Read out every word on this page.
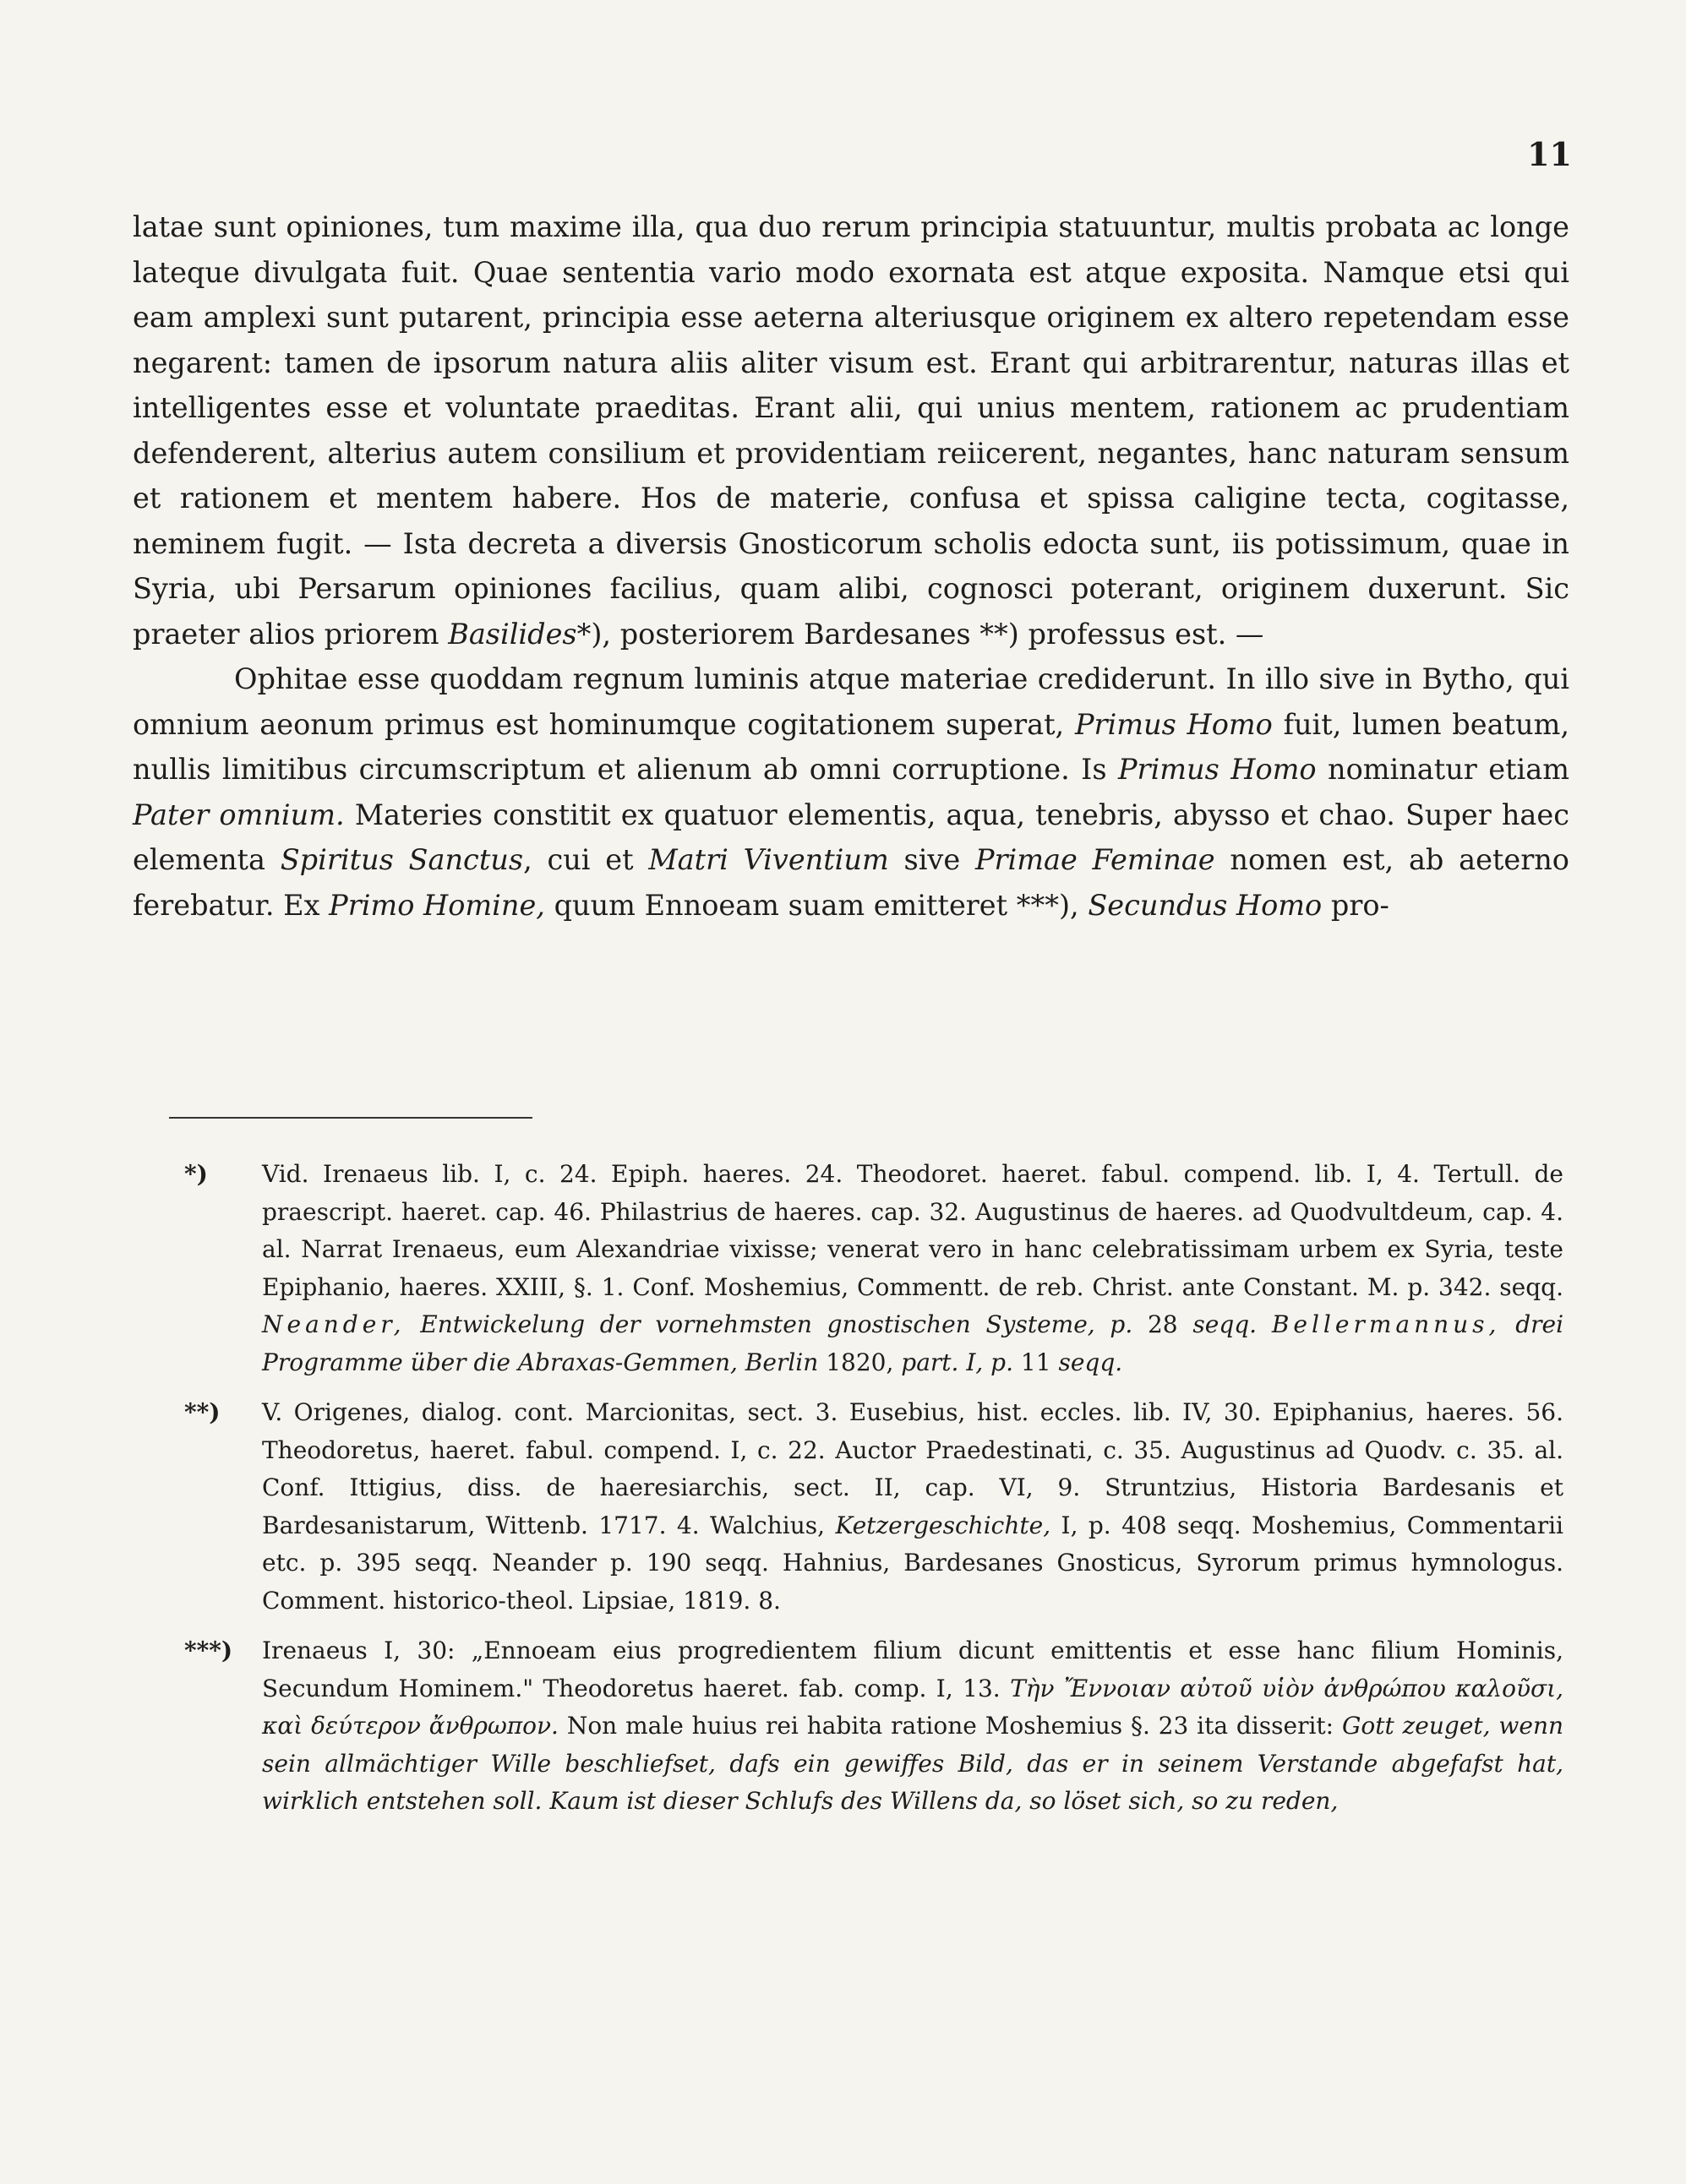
11

latae sunt opiniones, tum maxime illa, qua duo rerum principia statuuntur, multis probata ac longe lateque divulgata fuit. Quae sententia vario modo exornata est atque exposita. Namque etsi qui eam amplexi sunt putarent, principia esse aeterna alteriusque originem ex altero repetendam esse negarent: tamen de ipsorum natura aliis aliter visum est. Erant qui arbitrarentur, naturas illas et intelligentes esse et voluntate praeditas. Erant alii, qui unius mentem, rationem ac prudentiam defenderent, alterius autem consilium et providentiam reiicerent, negantes, hanc naturam sensum et rationem et mentem habere. Hos de materie, confusa et spissa caligine tecta, cogitasse, neminem fugit. — Ista decreta a diversis Gnosticorum scholis edocta sunt, iis potissimum, quae in Syria, ubi Persarum opiniones facilius, quam alibi, cognosci poterant, originem duxerunt. Sic praeter alios priorem Basilides*), posteriorem Bardesanes **) professus est. —

Ophitae esse quoddam regnum luminis atque materiae crediderunt. In illo sive in Bytho, qui omnium aeonum primus est hominumque cogitationem superat, Primus Homo fuit, lumen beatum, nullis limitibus circumscriptum et alienum ab omni corruptione. Is Primus Homo nominatur etiam Pater omnium. Materies constitit ex quatuor elementis, aqua, tenebris, abysso et chao. Super haec elementa Spiritus Sanctus, cui et Matri Viventium sive Primae Feminae nomen est, ab aeterno ferebatur. Ex Primo Homine, quum Ennoeam suam emitteret ***), Secundus Homo pro-

*) Vid. Irenaeus lib. I, c. 24. Epiph. haeres. 24. Theodoret. haeret. fabul. compend. lib. I, 4. Tertull. de praescript. haeret. cap. 46. Philastrius de haeres. cap. 32. Augustinus de haeres. ad Quodvultdeum, cap. 4. al. Narrat Irenaeus, eum Alexandriae vixisse; venerat vero in hanc celebratissimam urbem ex Syria, teste Epiphanio, haeres. XXIII, §. 1. Conf. Moshemius, Commentt. de reb. Christ. ante Constant. M. p. 342. seqq. Neander, Entwickelung der vornehmsten gnostischen Systeme, p. 28 seqq. Bellermannus, drei Programme über die Abraxas-Gemmen, Berlin 1820, part. I, p. 11 seqq.
**) V. Origenes, dialog. cont. Marcionitas, sect. 3. Eusebius, hist. eccles. lib. IV, 30. Epiphanius, haeres. 56. Theodoretus, haeret. fabul. compend. I, c. 22. Auctor Praedestinati, c. 35. Augustinus ad Quodv. c. 35. al. Conf. Ittigius, diss. de haeresiarchis, sect. II, cap. VI, 9. Struntzius, Historia Bardesanis et Bardesanistarum, Wittenb. 1717. 4. Walchius, Ketzergeschichte, I, p. 408 seqq. Moshemius, Commentarii etc. p. 395 seqq. Neander p. 190 seqq. Hahnius, Bardesanes Gnosticus, Syrorum primus hymnologus. Comment. historico-theol. Lipsiae, 1819. 8.
***) Irenaeus I, 30: „Ennoeam eius progredientem filium dicunt emittentis et esse hanc filium Hominis, Secundum Hominem." Theodoretus haeret. fab. comp. I, 13. Τὴν Ἔννοιαν αὐτοῦ υἱὸν ἀνθρώπου καλοῦσι, καὶ δεύτερον ἄνθρωπον. Non male huius rei habita ratione Moshemius §. 23 ita disserit: Gott zeuget, wenn sein allmächtiger Wille beschliefset, dafs ein gewiffes Bild, das er in seinem Verstande abgefafst hat, wirklich entstehen soll. Kaum ist dieser Schlufs des Willens da, so löset sich, so zu reden,
